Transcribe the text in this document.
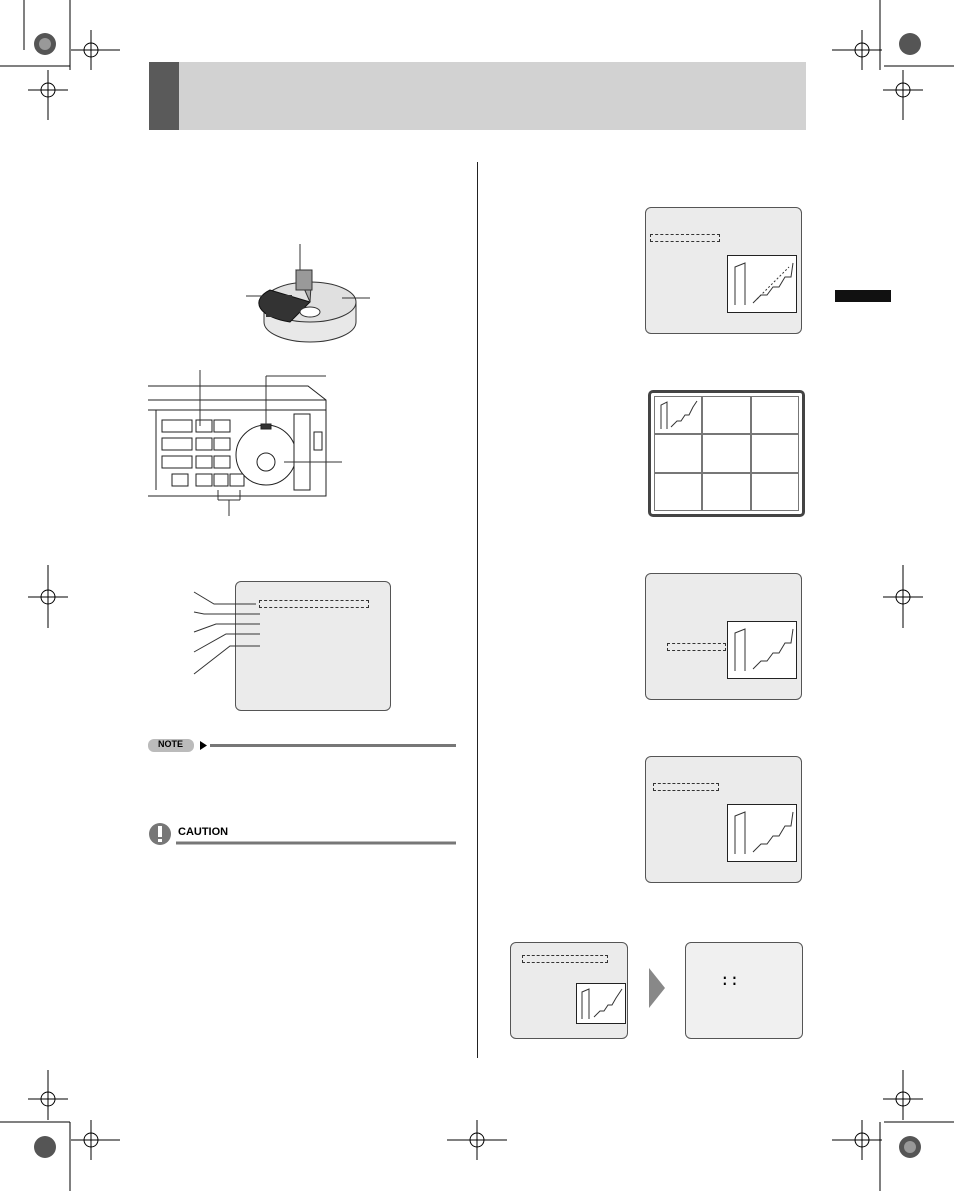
NOTE
CAUTION
::
